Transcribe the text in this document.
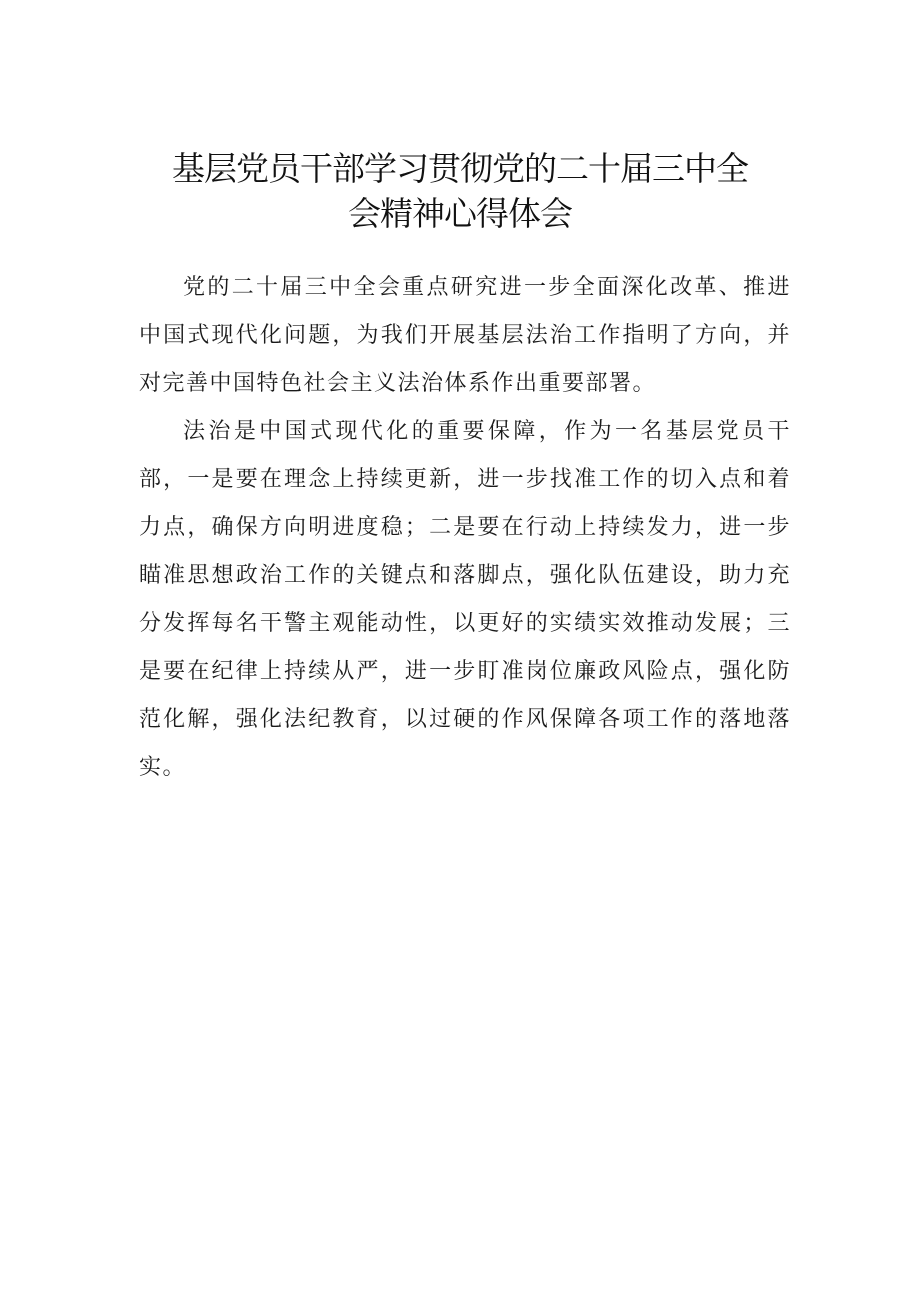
基层党员干部学习贯彻党的二十届三中全
会精神心得体会

党的二十届三中全会重点研究进一步全面深化改革、推进中国式现代化问题，为我们开展基层法治工作指明了方向，并对完善中国特色社会主义法治体系作出重要部署。

法治是中国式现代化的重要保障，作为一名基层党员干部，一是要在理念上持续更新，进一步找准工作的切入点和着力点，确保方向明进度稳；二是要在行动上持续发力，进一步瞄准思想政治工作的关键点和落脚点，强化队伍建设，助力充分发挥每名干警主观能动性，以更好的实绩实效推动发展；三是要在纪律上持续从严，进一步盯准岗位廉政风险点，强化防范化解，强化法纪教育，以过硬的作风保障各项工作的落地落实。
